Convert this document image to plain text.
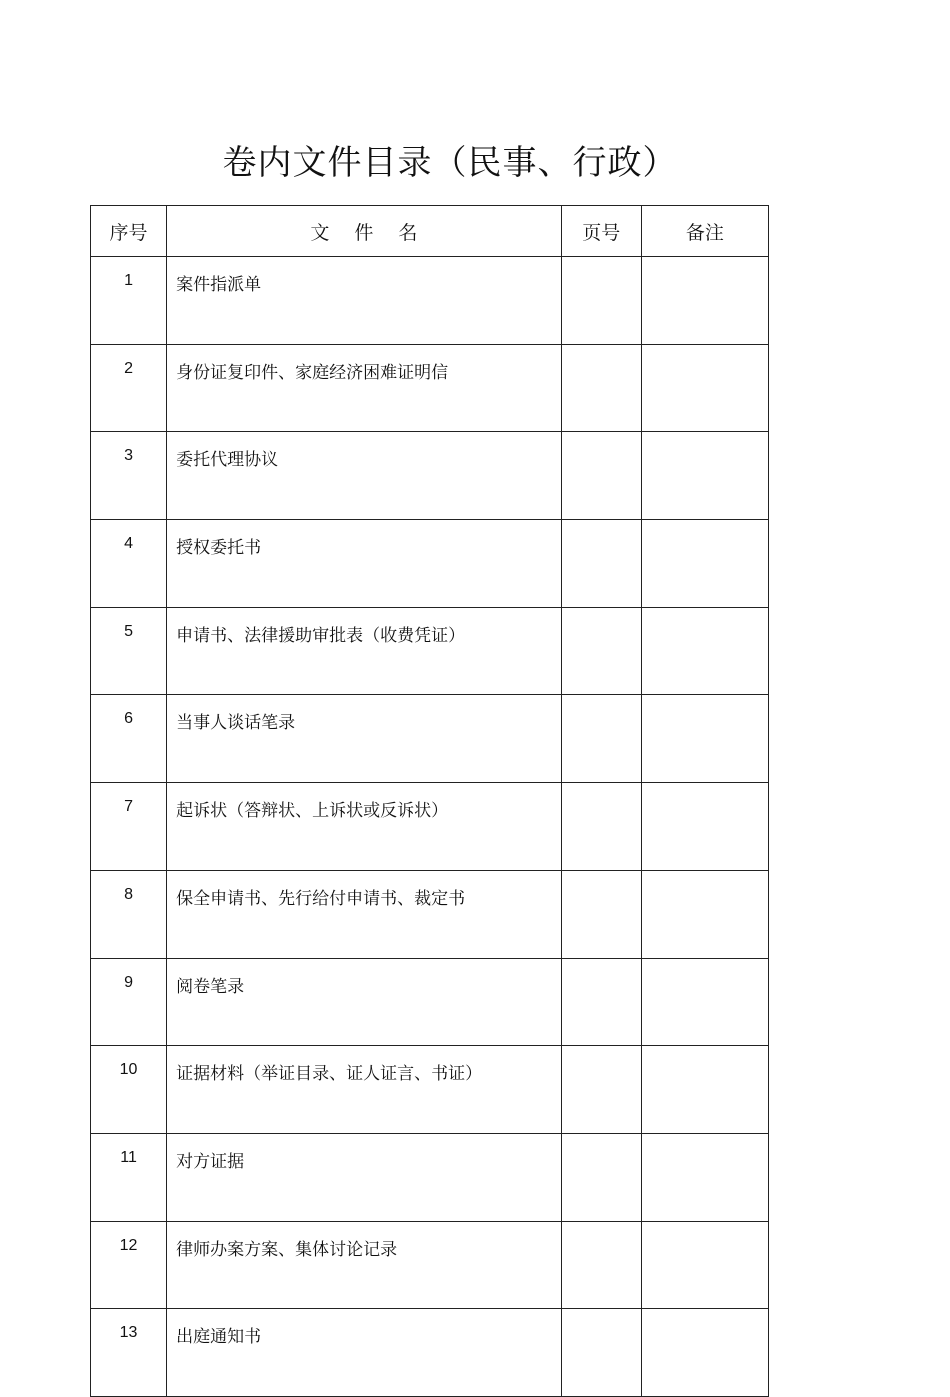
卷内文件目录（民事、行政）
序号	文　 件　 名	页号	备注
1	案件指派单		
2	身份证复印件、家庭经济困难证明信		
3	委托代理协议		
4	授权委托书		
5	申请书、法律援助审批表（收费凭证）		
6	当事人谈话笔录		
7	起诉状（答辩状、上诉状或反诉状）		
8	保全申请书、先行给付申请书、裁定书		
9	阅卷笔录		
10	证据材料（举证目录、证人证言、书证）		
11	对方证据		
12	律师办案方案、集体讨论记录		
13	出庭通知书		
